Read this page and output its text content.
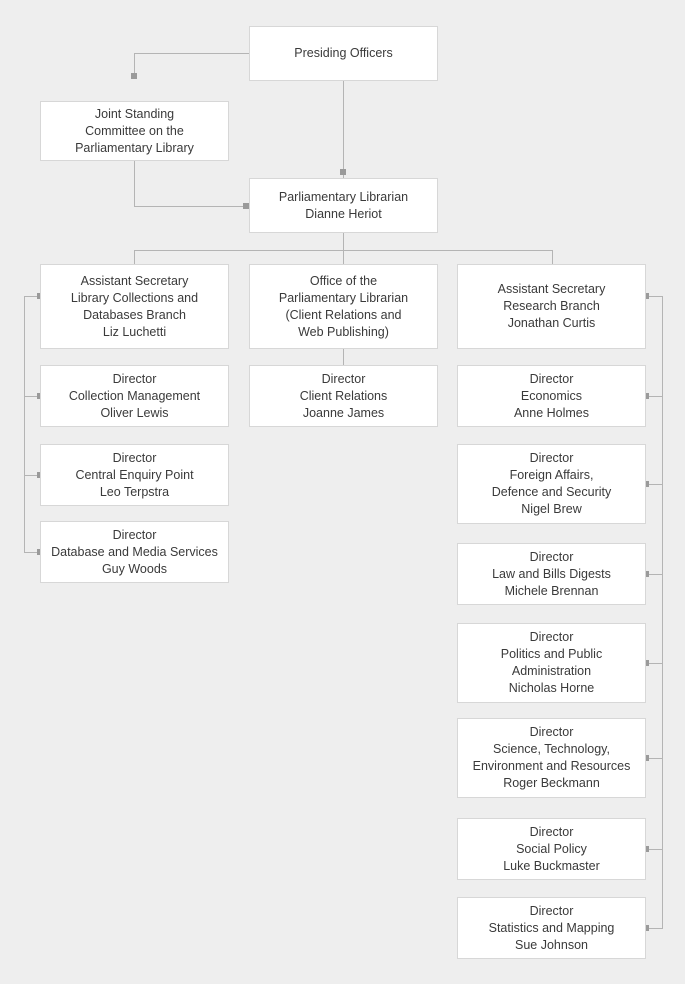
Presiding Officers
Joint Standing
Committee on the
Parliamentary Library
Parliamentary Librarian
Dianne Heriot
Assistant Secretary
Library Collections and
Databases Branch
Liz Luchetti
Office of the
Parliamentary Librarian
(Client Relations and
Web Publishing)
Assistant Secretary
Research Branch
Jonathan Curtis
Director
Collection Management
Oliver Lewis
Director
Client Relations
Joanne James
Director
Economics
Anne Holmes
Director
Central Enquiry Point
Leo Terpstra
Director
Foreign Affairs,
Defence and Security
Nigel Brew
Director
Database and Media Services
Guy Woods
Director
Law and Bills Digests
Michele Brennan
Director
Politics and Public
Administration
Nicholas Horne
Director
Science, Technology,
Environment and Resources
Roger Beckmann
Director
Social Policy
Luke Buckmaster
Director
Statistics and Mapping
Sue Johnson
